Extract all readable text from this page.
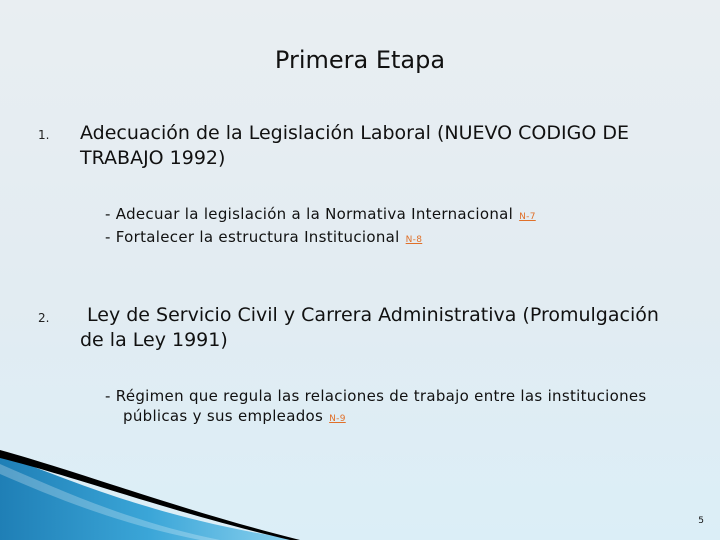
Primera Etapa
1. Adecuación de la Legislación Laboral (NUEVO CODIGO DE
TRABAJO 1992)
- Adecuar la legislación a la Normativa Internacional N-7
- Fortalecer la estructura Institucional N-8
2.	Ley de Servicio Civil y Carrera Administrativa (Promulgación
de la Ley 1991)
- Régimen que regula las relaciones de trabajo entre las instituciones
públicas y sus empleados N-9
5
